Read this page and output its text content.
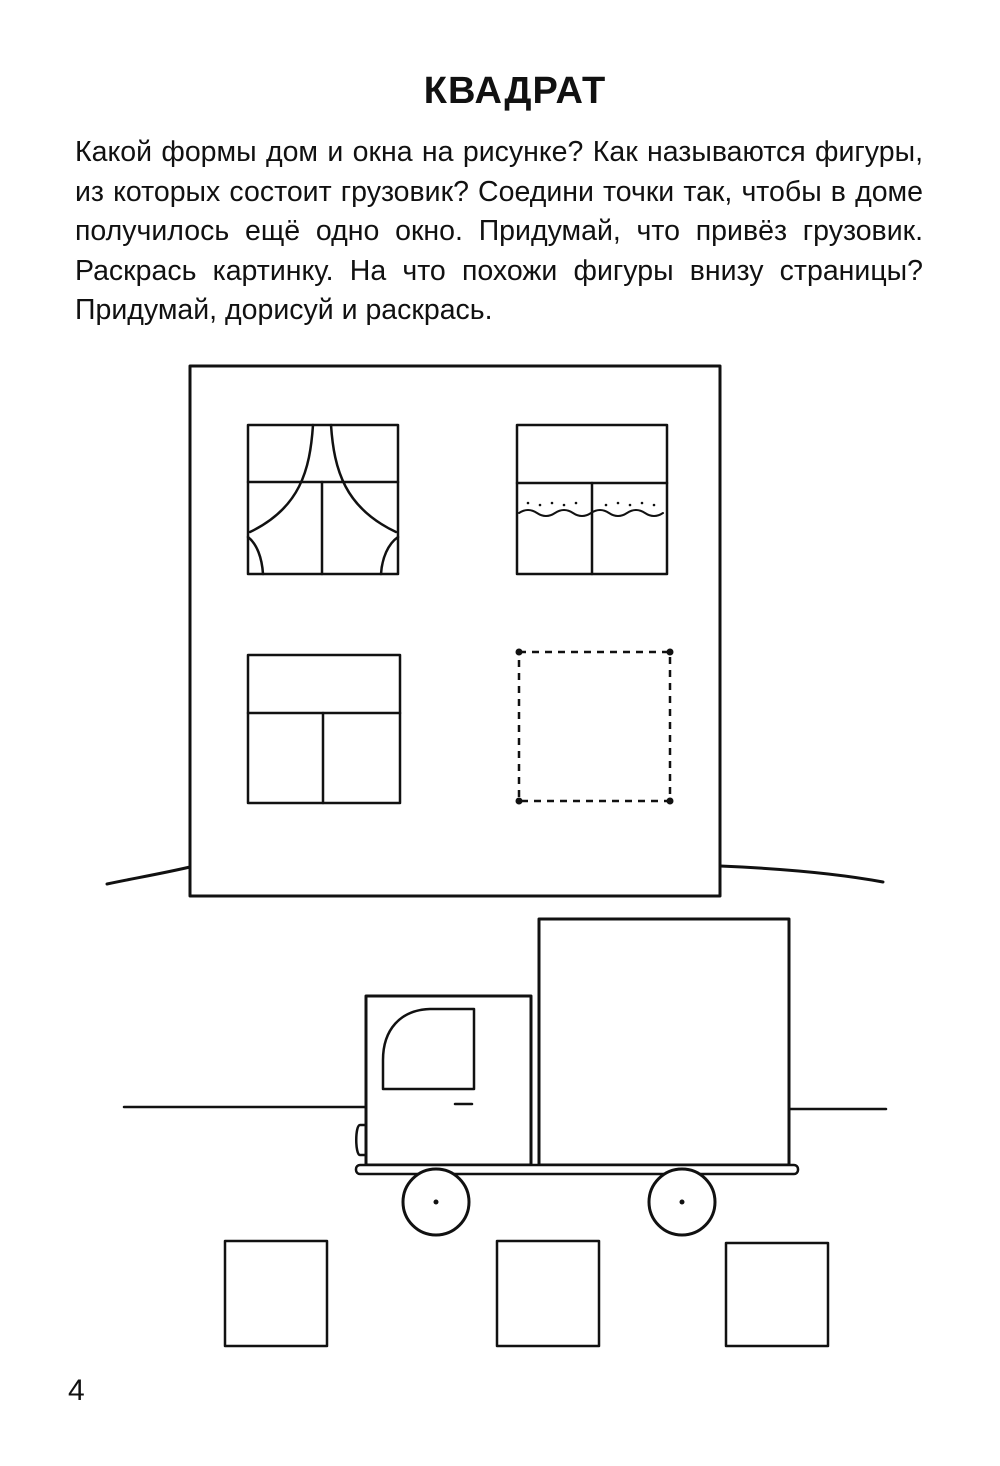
КВАДРАТ

Какой формы дом и окна на рисунке? Как называются фигуры, из которых состоит грузовик? Соедини точки так, чтобы в доме получилось ещё одно окно. Придумай, что привёз грузовик. Раскрась картинку. На что похожи фигуры внизу страницы? Придумай, дорисуй и раскрась.

4
